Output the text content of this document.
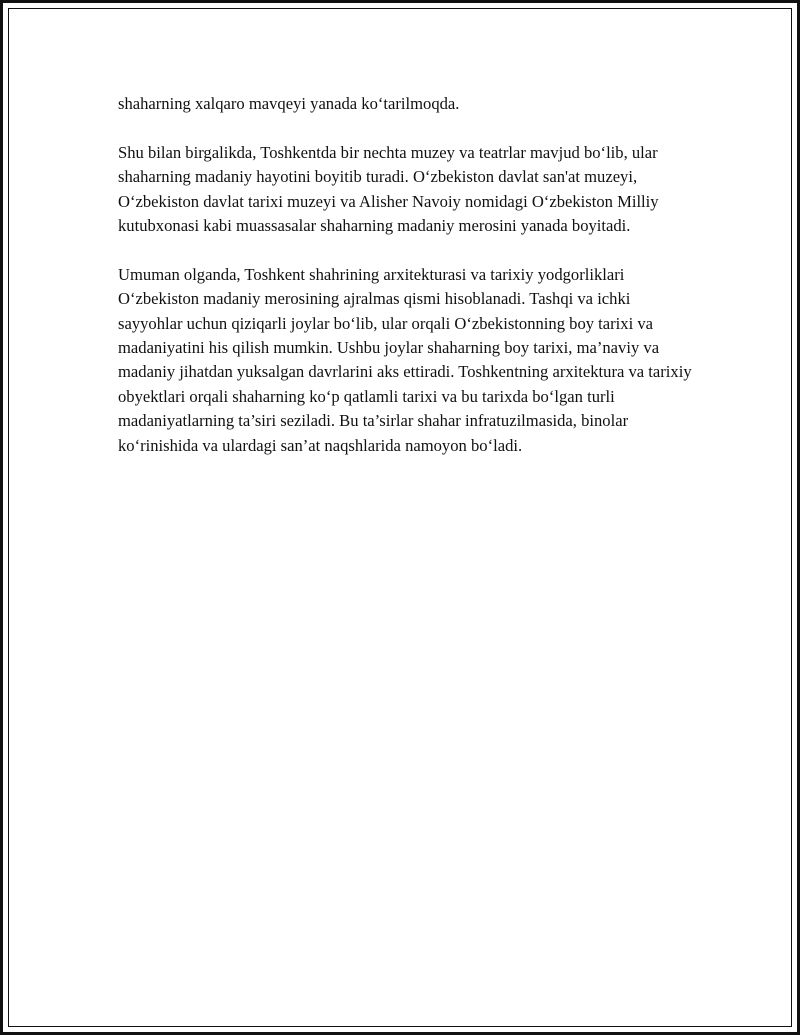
shaharning xalqaro mavqeyi yanada ko‘tarilmoqda.

Shu bilan birgalikda, Toshkentda bir nechta muzey va teatrlar mavjud bo‘lib, ular shaharning madaniy hayotini boyitib turadi. O‘zbekiston davlat san'at muzeyi, O‘zbekiston davlat tarixi muzeyi va Alisher Navoiy nomidagi O‘zbekiston Milliy kutubxonasi kabi muassasalar shaharning madaniy merosini yanada boyitadi.

Umuman olganda, Toshkent shahrining arxitekturasi va tarixiy yodgorliklari O‘zbekiston madaniy merosining ajralmas qismi hisoblanadi. Tashqi va ichki sayyohlar uchun qiziqarli joylar bo‘lib, ular orqali O‘zbekistonning boy tarixi va madaniyatini his qilish mumkin. Ushbu joylar shaharning boy tarixi, ma’naviy va madaniy jihatdan yuksalgan davrlarini aks ettiradi. Toshkentning arxitektura va tarixiy obyektlari orqali shaharning ko‘p qatlamli tarixi va bu tarixda bo‘lgan turli madaniyatlarning ta’siri seziladi. Bu ta’sirlar shahar infratuzilmasida, binolar ko‘rinishida va ulardagi san’at naqshlarida namoyon bo‘ladi.
